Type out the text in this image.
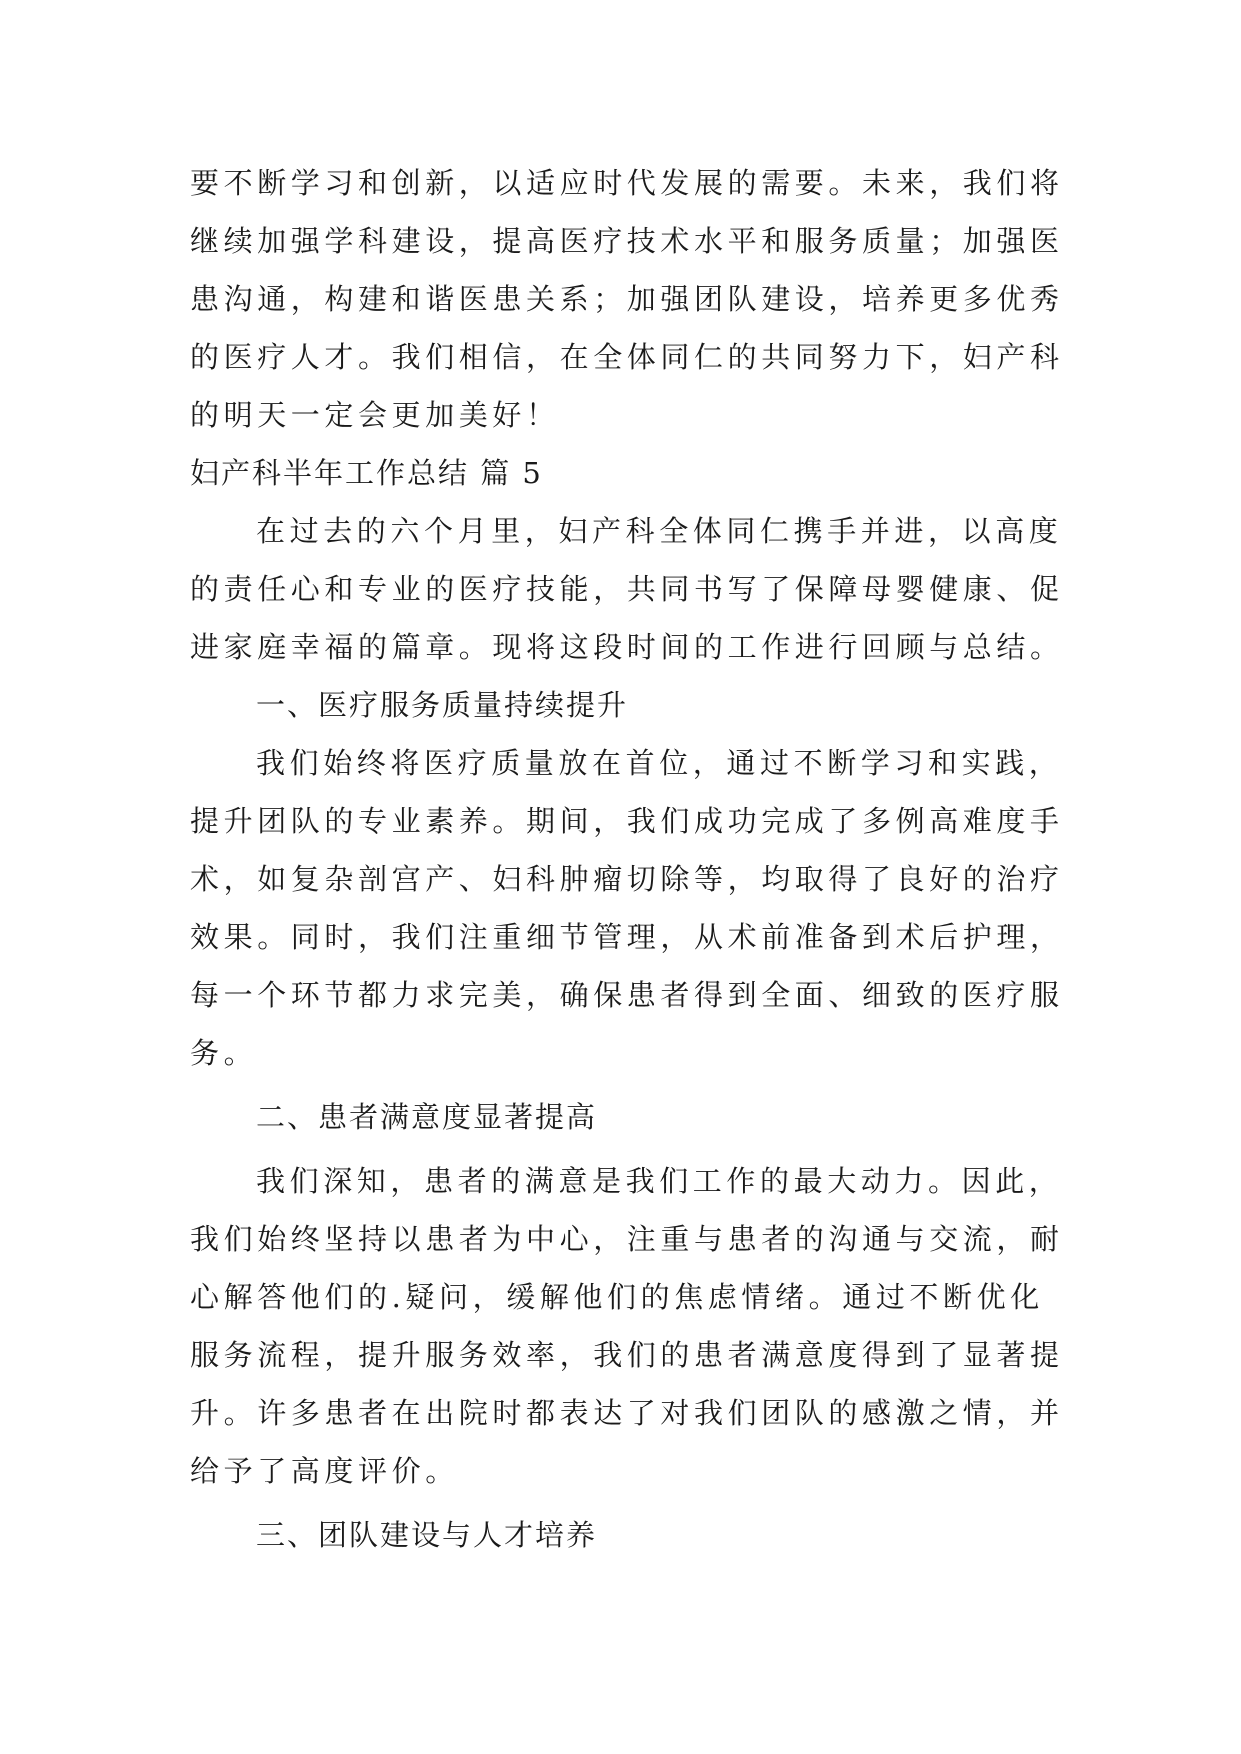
要不断学习和创新，以适应时代发展的需要。未来，我们将
继续加强学科建设，提高医疗技术水平和服务质量；加强医
患沟通，构建和谐医患关系；加强团队建设，培养更多优秀
的医疗人才。我们相信，在全体同仁的共同努力下，妇产科
的明天一定会更加美好！
妇产科半年工作总结 篇 5
在过去的六个月里，妇产科全体同仁携手并进，以高度
的责任心和专业的医疗技能，共同书写了保障母婴健康、促
进家庭幸福的篇章。现将这段时间的工作进行回顾与总结。
一、医疗服务质量持续提升
我们始终将医疗质量放在首位，通过不断学习和实践，
提升团队的专业素养。期间，我们成功完成了多例高难度手
术，如复杂剖宫产、妇科肿瘤切除等，均取得了良好的治疗
效果。同时，我们注重细节管理，从术前准备到术后护理，
每一个环节都力求完美，确保患者得到全面、细致的医疗服
务。
二、患者满意度显著提高
我们深知，患者的满意是我们工作的最大动力。因此，
我们始终坚持以患者为中心，注重与患者的沟通与交流，耐
心解答他们的.疑问，缓解他们的焦虑情绪。通过不断优化
服务流程，提升服务效率，我们的患者满意度得到了显著提
升。许多患者在出院时都表达了对我们团队的感激之情，并
给予了高度评价。
三、团队建设与人才培养
